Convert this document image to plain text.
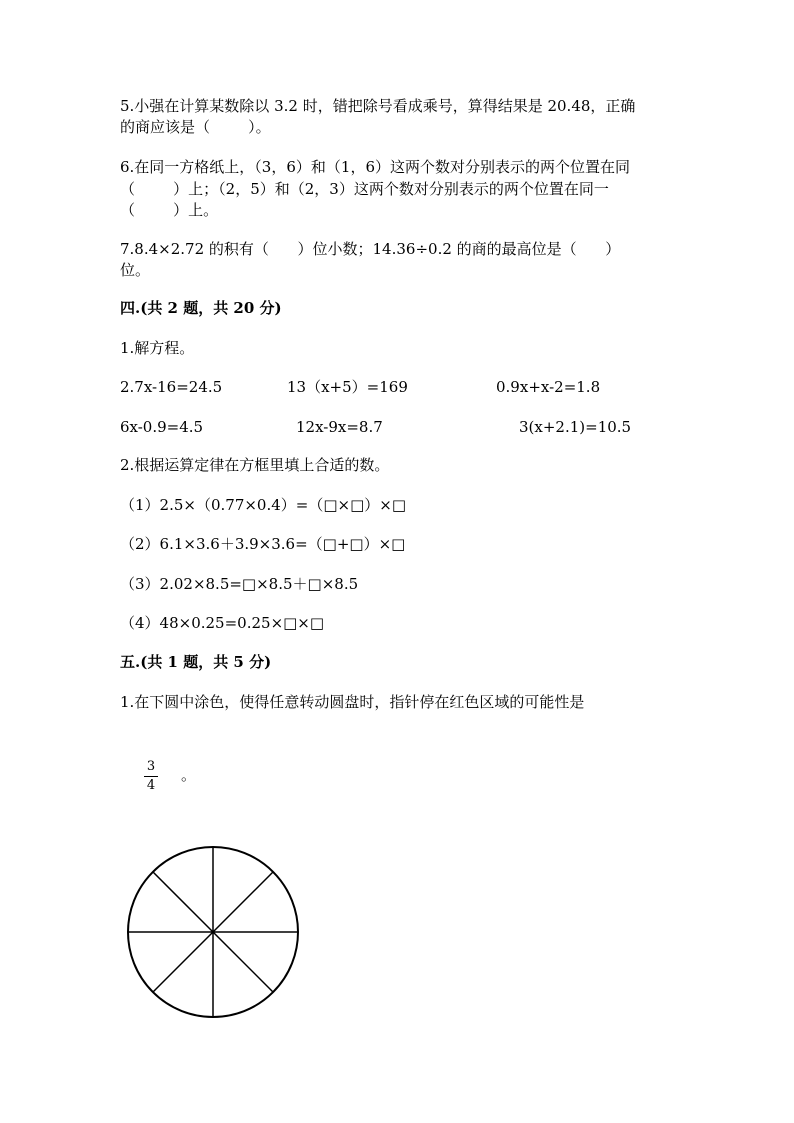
5.小强在计算某数除以 3.2 时，错把除号看成乘号，算得结果是 20.48，正确
的商应该是（        ）。
6.在同一方格纸上，（3，6）和（1，6）这两个数对分别表示的两个位置在同
（        ）上；（2，5）和（2，3）这两个数对分别表示的两个位置在同一
（        ）上。
7.8.4×2.72 的积有（      ）位小数；14.36÷0.2 的商的最高位是（      ）
位。
四.(共 2 题，共 20 分)
1.解方程。
2.7x-16=24.5	13（x+5）=169	0.9x+x-2=1.8
6x-0.9=4.5	12x-9x=8.7	3(x+2.1)=10.5
2.根据运算定律在方框里填上合适的数。
（1）2.5×（0.77×0.4）=（□×□）×□
（2）6.1×3.6＋3.9×3.6=（□+□）×□
（3）2.02×8.5=□×8.5＋□×8.5
（4）48×0.25=0.25×□×□
五.(共 1 题，共 5 分)
1.在下圆中涂色，使得任意转动圆盘时，指针停在红色区域的可能性是
3
4
。
